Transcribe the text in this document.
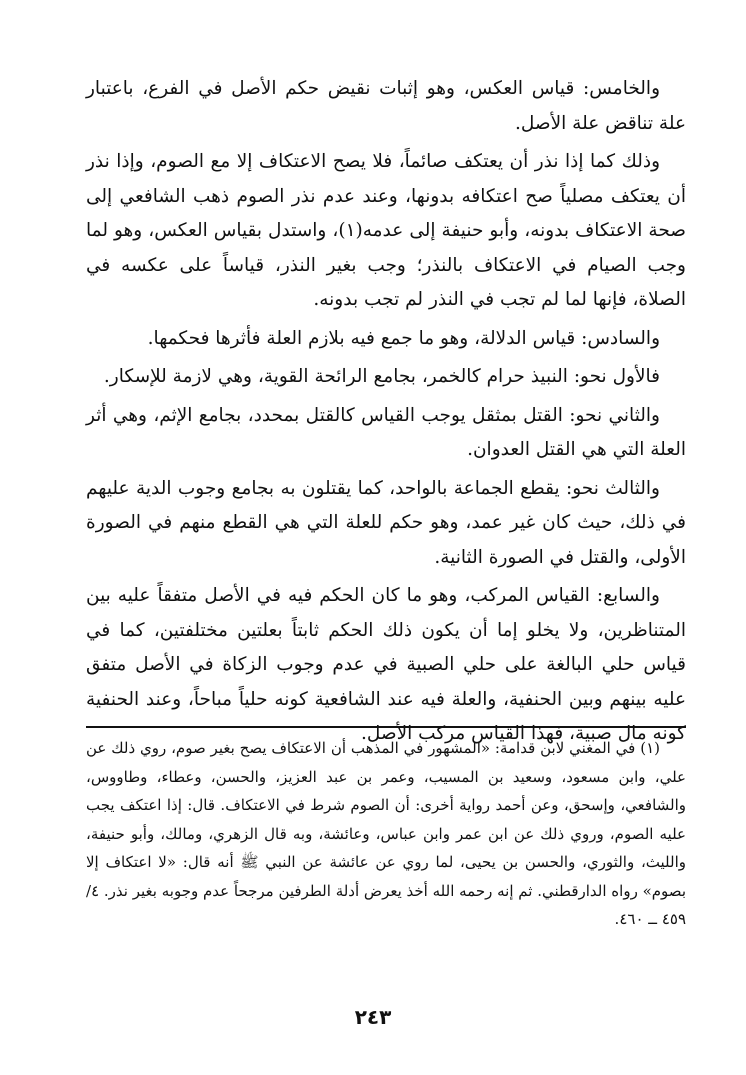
والخامس: قياس العكس، وهو إثبات نقيض حكم الأصل في الفرع، باعتبار علة تناقض علة الأصل.

وذلك كما إذا نذر أن يعتكف صائماً، فلا يصح الاعتكاف إلا مع الصوم، وإذا نذر أن يعتكف مصلياً صح اعتكافه بدونها، وعند عدم نذر الصوم ذهب الشافعي إلى صحة الاعتكاف بدونه، وأبو حنيفة إلى عدمه(١)، واستدل بقياس العكس، وهو لما وجب الصيام في الاعتكاف بالنذر؛ وجب بغير النذر، قياساً على عكسه في الصلاة، فإنها لما لم تجب في النذر لم تجب بدونه.

والسادس: قياس الدلالة، وهو ما جمع فيه بلازم العلة فأثرها فحكمها.

فالأول نحو: النبيذ حرام كالخمر، بجامع الرائحة القوية، وهي لازمة للإسكار.

والثاني نحو: القتل بمثقل يوجب القياس كالقتل بمحدد، بجامع الإثم، وهي أثر العلة التي هي القتل العدوان.

والثالث نحو: يقطع الجماعة بالواحد، كما يقتلون به بجامع وجوب الدية عليهم في ذلك، حيث كان غير عمد، وهو حكم للعلة التي هي القطع منهم في الصورة الأولى، والقتل في الصورة الثانية.

والسابع: القياس المركب، وهو ما كان الحكم فيه في الأصل متفقاً عليه بين المتناظرين، ولا يخلو إما أن يكون ذلك الحكم ثابتاً بعلتين مختلفتين، كما في قياس حلي البالغة على حلي الصبية في عدم وجوب الزكاة في الأصل متفق عليه بينهم وبين الحنفية، والعلة فيه عند الشافعية كونه حلياً مباحاً، وعند الحنفية كونه مال صبية، فهذا القياس مركب الأصل.

(١) في المغني لابن قدامة: «المشهور في المذهب أن الاعتكاف يصح بغير صوم، روي ذلك عن علي، وابن مسعود، وسعيد بن المسيب، وعمر بن عبد العزيز، والحسن، وعطاء، وطاووس، والشافعي، وإسحق، وعن أحمد رواية أخرى: أن الصوم شرط في الاعتكاف. قال: إذا اعتكف يجب عليه الصوم، وروي ذلك عن ابن عمر وابن عباس، وعائشة، وبه قال الزهري، ومالك، وأبو حنيفة، والليث، والثوري، والحسن بن يحيى، لما روي عن عائشة عن النبي ﷺ أنه قال: «لا اعتكاف إلا بصوم» رواه الدارقطني. ثم إنه رحمه الله أخذ يعرض أدلة الطرفين مرجحاً عدم وجوبه بغير نذر. ٤/ ٤٥٩ ــ ٤٦٠.

٢٤٣
